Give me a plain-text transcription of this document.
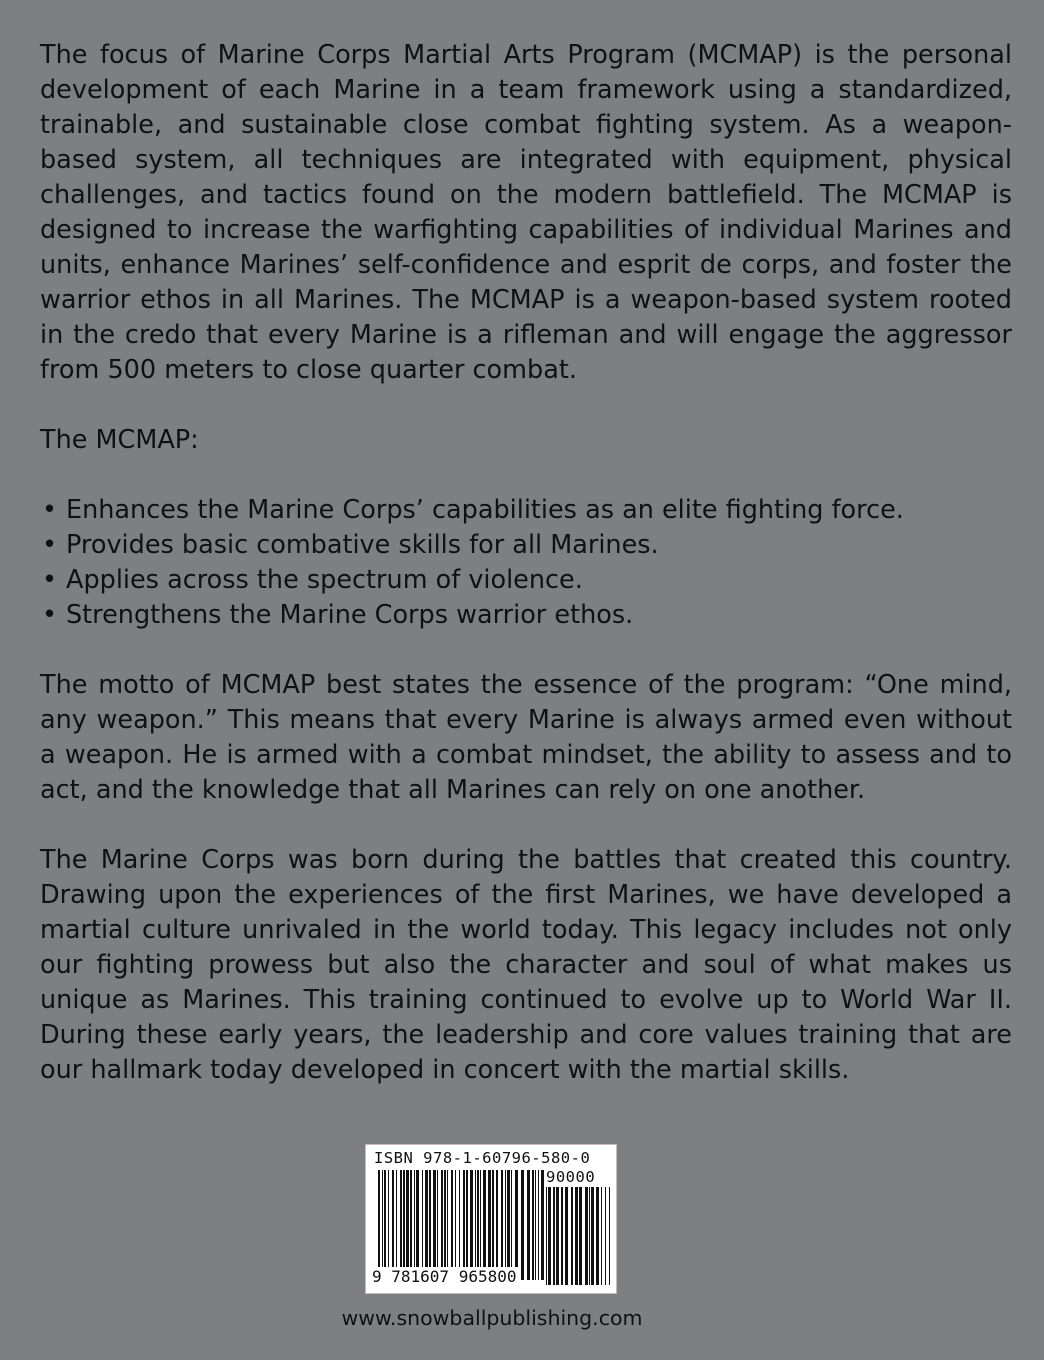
The focus of Marine Corps Martial Arts Program (MCMAP) is the personal development of each Marine in a team framework using a standardized, trainable, and sustainable close combat fighting system. As a weapon-based system, all techniques are integrated with equipment, physical challenges, and tactics found on the modern battlefield. The MCMAP is designed to increase the warfighting capabilities of individual Marines and units, enhance Marines’ self-confidence and esprit de corps, and foster the warrior ethos in all Marines. The MCMAP is a weapon-based system rooted in the credo that every Marine is a rifleman and will engage the aggressor from 500 meters to close quarter combat.

The MCMAP:

• Enhances the Marine Corps’ capabilities as an elite fighting force.
• Provides basic combative skills for all Marines.
• Applies across the spectrum of violence.
• Strengthens the Marine Corps warrior ethos.

The motto of MCMAP best states the essence of the program: “One mind, any weapon.” This means that every Marine is always armed even without a weapon. He is armed with a combat mindset, the ability to assess and to act, and the knowledge that all Marines can rely on one another.

The Marine Corps was born during the battles that created this country. Drawing upon the experiences of the first Marines, we have developed a martial culture unrivaled in the world today. This legacy includes not only our fighting prowess but also the character and soul of what makes us unique as Marines. This training continued to evolve up to World War II. During these early years, the leadership and core values training that are our hallmark today developed in concert with the martial skills.

ISBN 978-1-60796-580-0
90000
9 781607 965800
www.snowballpublishing.com
